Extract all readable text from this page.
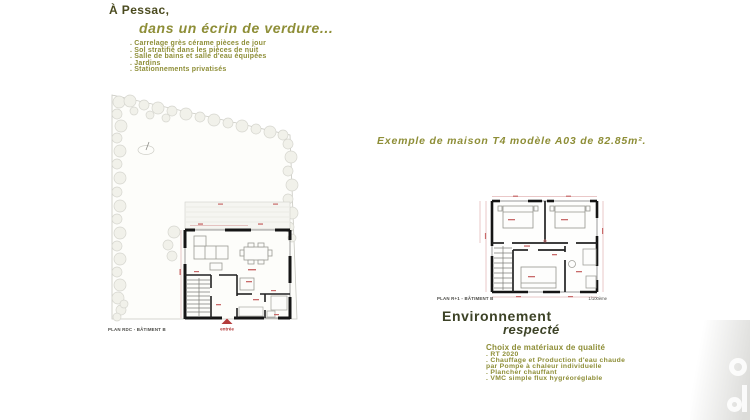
À Pessac,
dans un écrin de verdure...
. Carrelage grès cérame pièces de jour
. Sol stratifié dans les pièces de nuit
. Salle de bains et salle d'eau équipées
. Jardins
. Stationnements privatisés
entrée
PLAN RDC - BÂTIMENT B
Exemple de maison T4 modèle A03 de 82.85m².
PLAN R+1 - BÂTIMENT B	1/100ème
Environnement
respecté
Choix de matériaux de qualité
. RT 2020
. Chauffage et Production d'eau chaude
par Pompe à chaleur individuelle
. Plancher chauffant
. VMC simple flux hygréoréglable
